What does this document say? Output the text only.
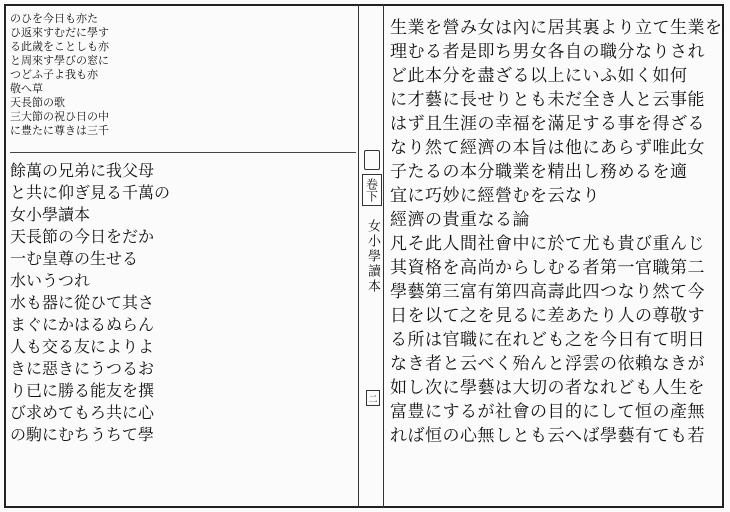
女小學讀本
卷下
二

生業を營み女は內に居其裏より立て生業を

理むる者是即ち男女各自の職分なりされ

ど此本分を盡ざる以上にいふ如く如何

に才藝に長せりとも未だ全き人と云事能

はず且生涯の幸福を滿足する事を得ざる

なり然て經濟の本旨は他にあらず唯此女

子たるの本分職業を精出し務めるを適

宜に巧妙に經營むを云なり

經濟の貴重なる論

凡そ此人間社會中に於て尤も貴び重んじ

其資格を高尚からしむる者第一官職第二

學藝第三富有第四高壽此四つなり然て今

日を以て之を見るに差あたり人の尊敬す

る所は官職に在れども之を今日有て明日

なき者と云べく殆んと浮雲の依賴なきが

如し次に學藝は大切の者なれども人生を

富豊にするが社會の目的にして恒の產無

れば恒の心無しとも云へば學藝有ても若

のひを今日も亦た

ひ返來すむだに學す

る此歲をことしも亦

と周來す學びの窓に

つどふ子よ我も亦

敬へ草

天長節の歌

三大節の祝ひ日の中

に豊たに尊きは三千

餘萬の兄弟に我父母

と共に仰ぎ見る千萬の

女小學讀本

天長節の今日をだか

一む皇尊の生せる

水いうつれ

水も器に從ひて其さ

まぐにかはるぬらん

人も交る友によりよ

きに惡きにうつるお

り已に勝る能友を撰

び求めてもろ共に心

の駒にむちうちて學
